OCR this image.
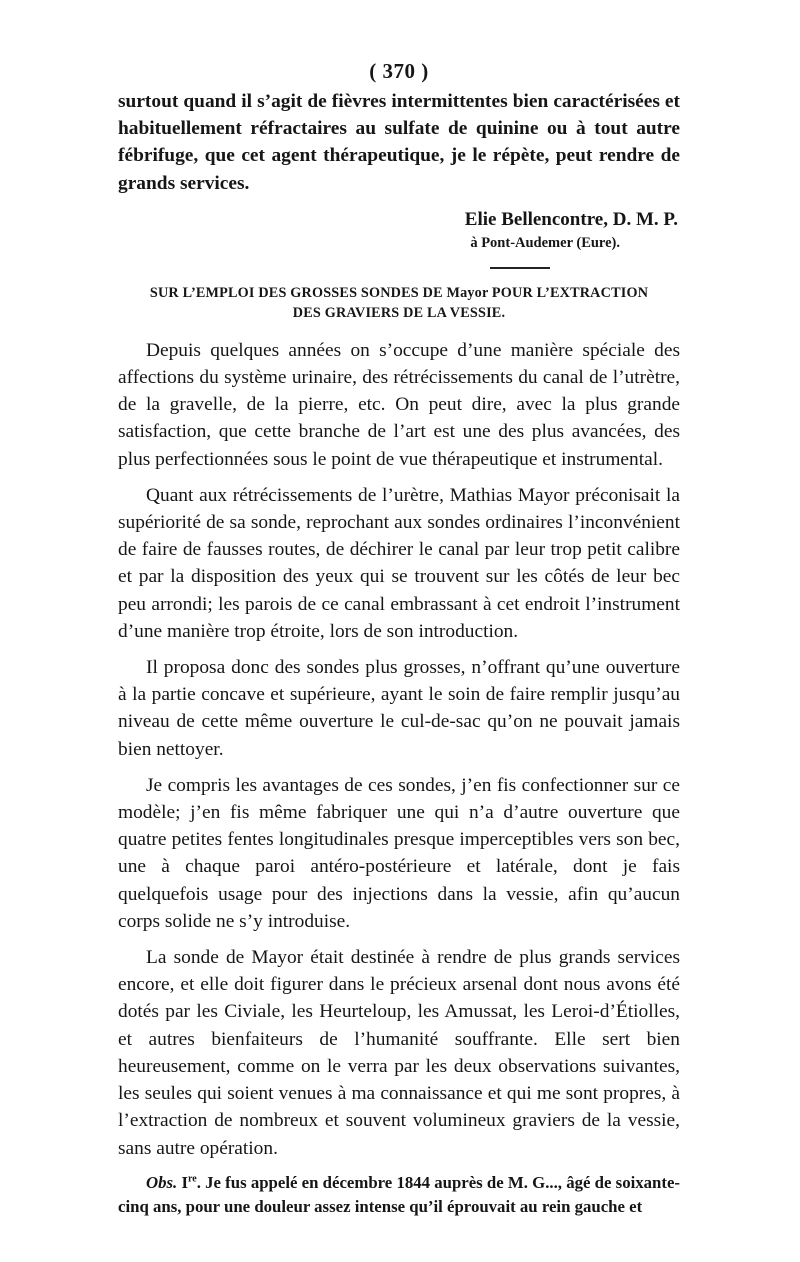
( 370 )

surtout quand il s’agit de fièvres intermittentes bien caractérisées et habituellement réfractaires au sulfate de quinine ou à tout autre fébrifuge, que cet agent thérapeutique, je le répète, peut rendre de grands services.

Elie Bellencontre, D. M. P.
à Pont-Audemer (Eure).
SUR L’EMPLOI DES GROSSES SONDES DE Mayor POUR L’EXTRACTION
DES GRAVIERS DE LA VESSIE.

Depuis quelques années on s’occupe d’une manière spéciale des affections du système urinaire, des rétrécissements du canal de l’utrètre, de la gravelle, de la pierre, etc. On peut dire, avec la plus grande satisfaction, que cette branche de l’art est une des plus avancées, des plus perfectionnées sous le point de vue thérapeutique et instrumental.

Quant aux rétrécissements de l’urètre, Mathias Mayor préconisait la supériorité de sa sonde, reprochant aux sondes ordinaires l’inconvénient de faire de fausses routes, de déchirer le canal par leur trop petit calibre et par la disposition des yeux qui se trouvent sur les côtés de leur bec peu arrondi; les parois de ce canal embrassant à cet endroit l’instrument d’une manière trop étroite, lors de son introduction.

Il proposa donc des sondes plus grosses, n’offrant qu’une ouverture à la partie concave et supérieure, ayant le soin de faire remplir jusqu’au niveau de cette même ouverture le cul-de-sac qu’on ne pouvait jamais bien nettoyer.

Je compris les avantages de ces sondes, j’en fis confectionner sur ce modèle; j’en fis même fabriquer une qui n’a d’autre ouverture que quatre petites fentes longitudinales presque imperceptibles vers son bec, une à chaque paroi antéro-postérieure et latérale, dont je fais quelquefois usage pour des injections dans la vessie, afin qu’aucun corps solide ne s’y introduise.

La sonde de Mayor était destinée à rendre de plus grands services encore, et elle doit figurer dans le précieux arsenal dont nous avons été dotés par les Civiale, les Heurteloup, les Amussat, les Leroi-d’Étiolles, et autres bienfaiteurs de l’humanité souffrante. Elle sert bien heureusement, comme on le verra par les deux observations suivantes, les seules qui soient venues à ma connaissance et qui me sont propres, à l’extraction de nombreux et souvent volumineux graviers de la vessie, sans autre opération.

Obs. Ire. Je fus appelé en décembre 1844 auprès de M. G..., âgé de soixante-cinq ans, pour une douleur assez intense qu’il éprouvait au rein gauche et
